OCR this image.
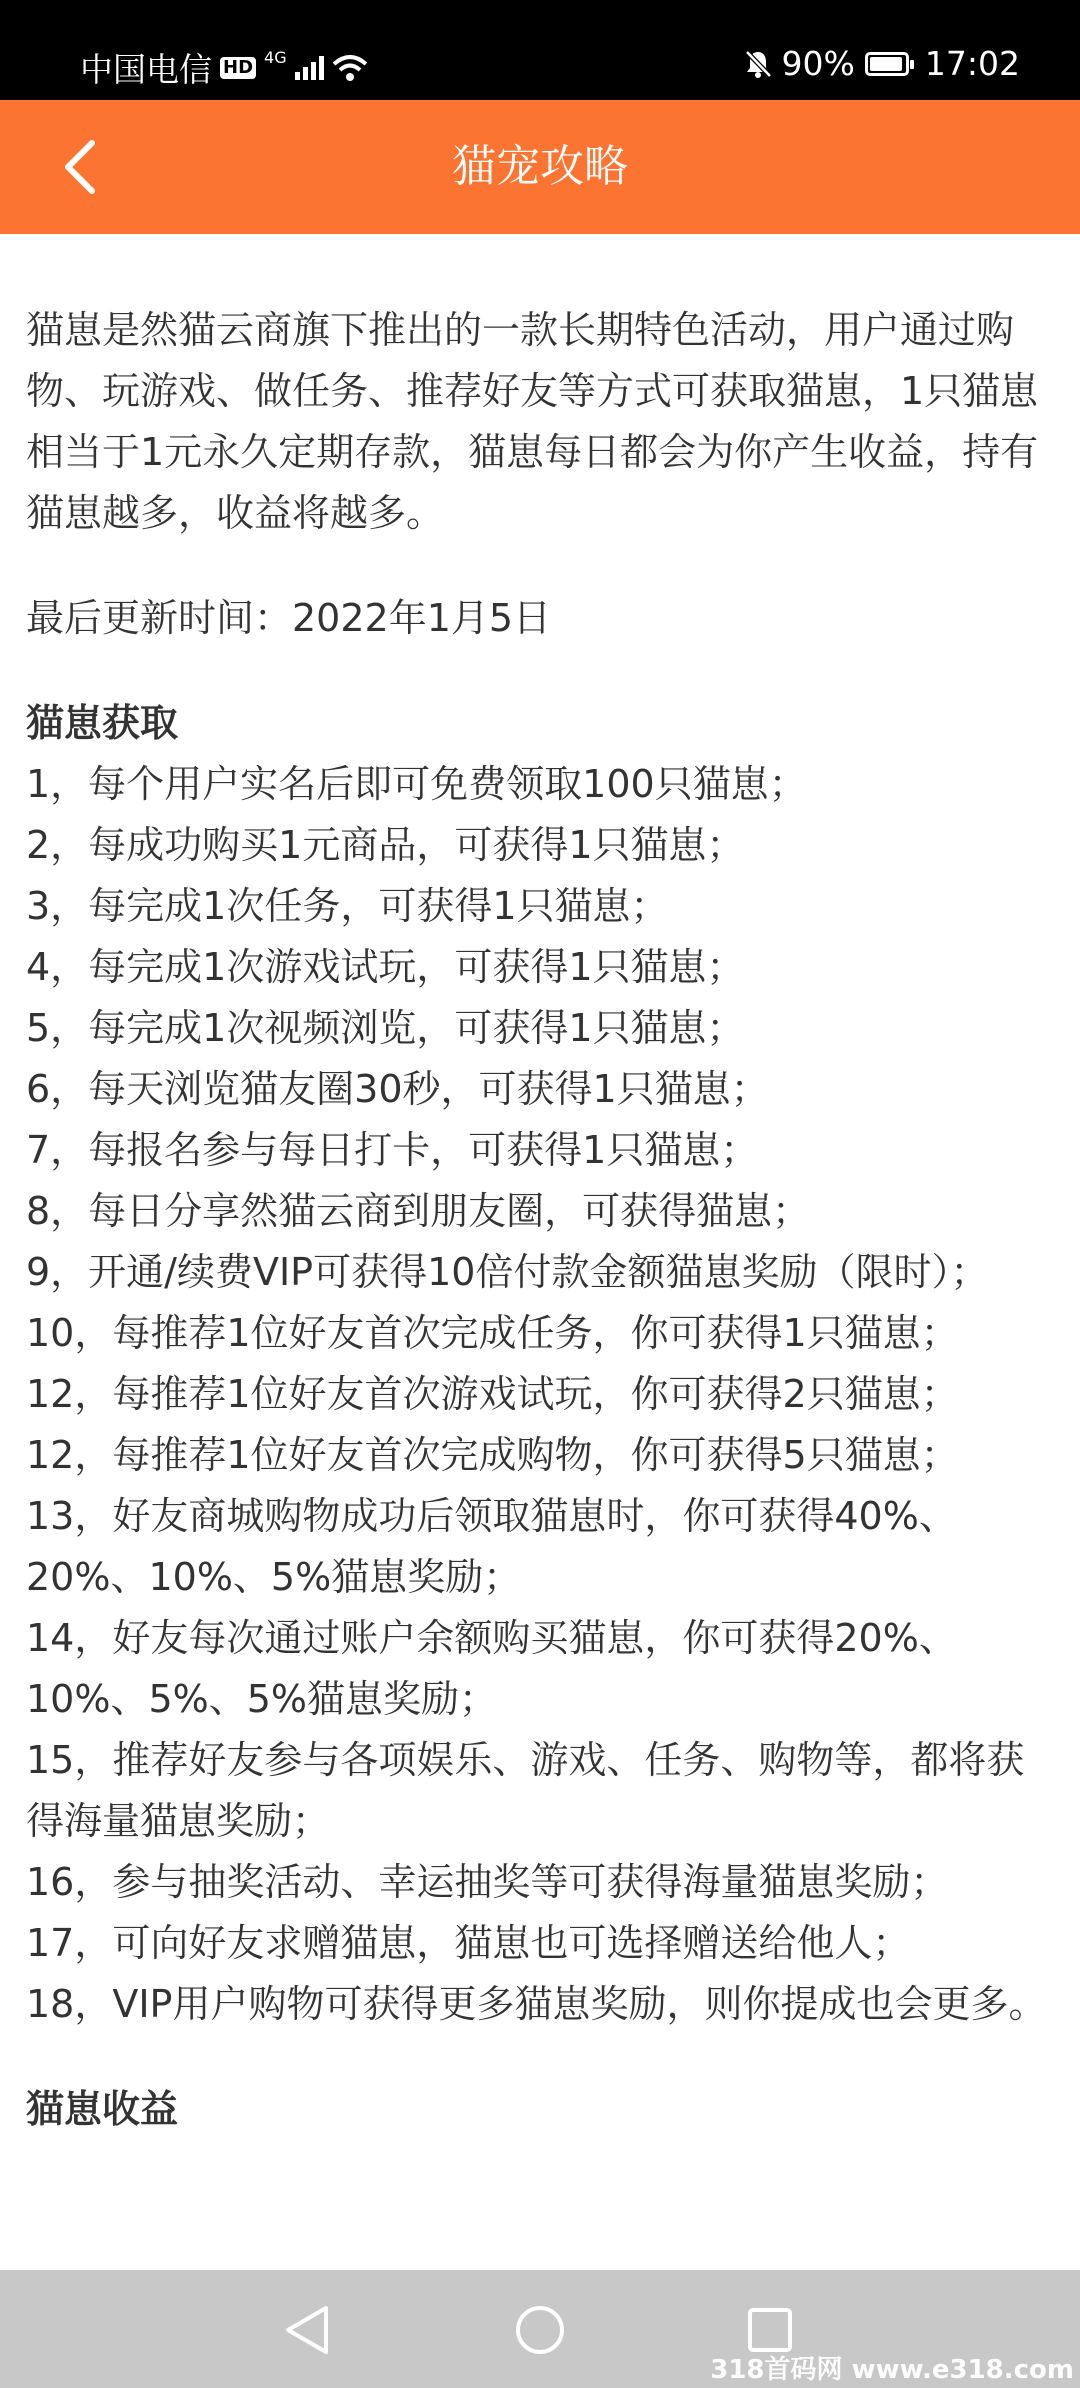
中国电信 HD 4G	90% 17:02
猫宠攻略

猫崽是然猫云商旗下推出的一款长期特色活动，用户通过购物、玩游戏、做任务、推荐好友等方式可获取猫崽，1只猫崽相当于1元永久定期存款，猫崽每日都会为你产生收益，持有猫崽越多，收益将越多。

最后更新时间：2022年1月5日

猫崽获取

1，每个用户实名后即可免费领取100只猫崽；

2，每成功购买1元商品，可获得1只猫崽；

3，每完成1次任务，可获得1只猫崽；

4，每完成1次游戏试玩，可获得1只猫崽；

5，每完成1次视频浏览，可获得1只猫崽；

6，每天浏览猫友圈30秒，可获得1只猫崽；

7，每报名参与每日打卡，可获得1只猫崽；

8，每日分享然猫云商到朋友圈，可获得猫崽；

9，开通/续费VIP可获得10倍付款金额猫崽奖励（限时）；

10，每推荐1位好友首次完成任务，你可获得1只猫崽；

12，每推荐1位好友首次游戏试玩，你可获得2只猫崽；

12，每推荐1位好友首次完成购物，你可获得5只猫崽；

13，好友商城购物成功后领取猫崽时，你可获得40%、20%、10%、5%猫崽奖励；

14，好友每次通过账户余额购买猫崽，你可获得20%、10%、5%、5%猫崽奖励；

15，推荐好友参与各项娱乐、游戏、任务、购物等，都将获得海量猫崽奖励；

16，参与抽奖活动、幸运抽奖等可获得海量猫崽奖励；

17，可向好友求赠猫崽，猫崽也可选择赠送给他人；

18，VIP用户购物可获得更多猫崽奖励，则你提成也会更多。

猫崽收益

318首码网 www.e318.com
